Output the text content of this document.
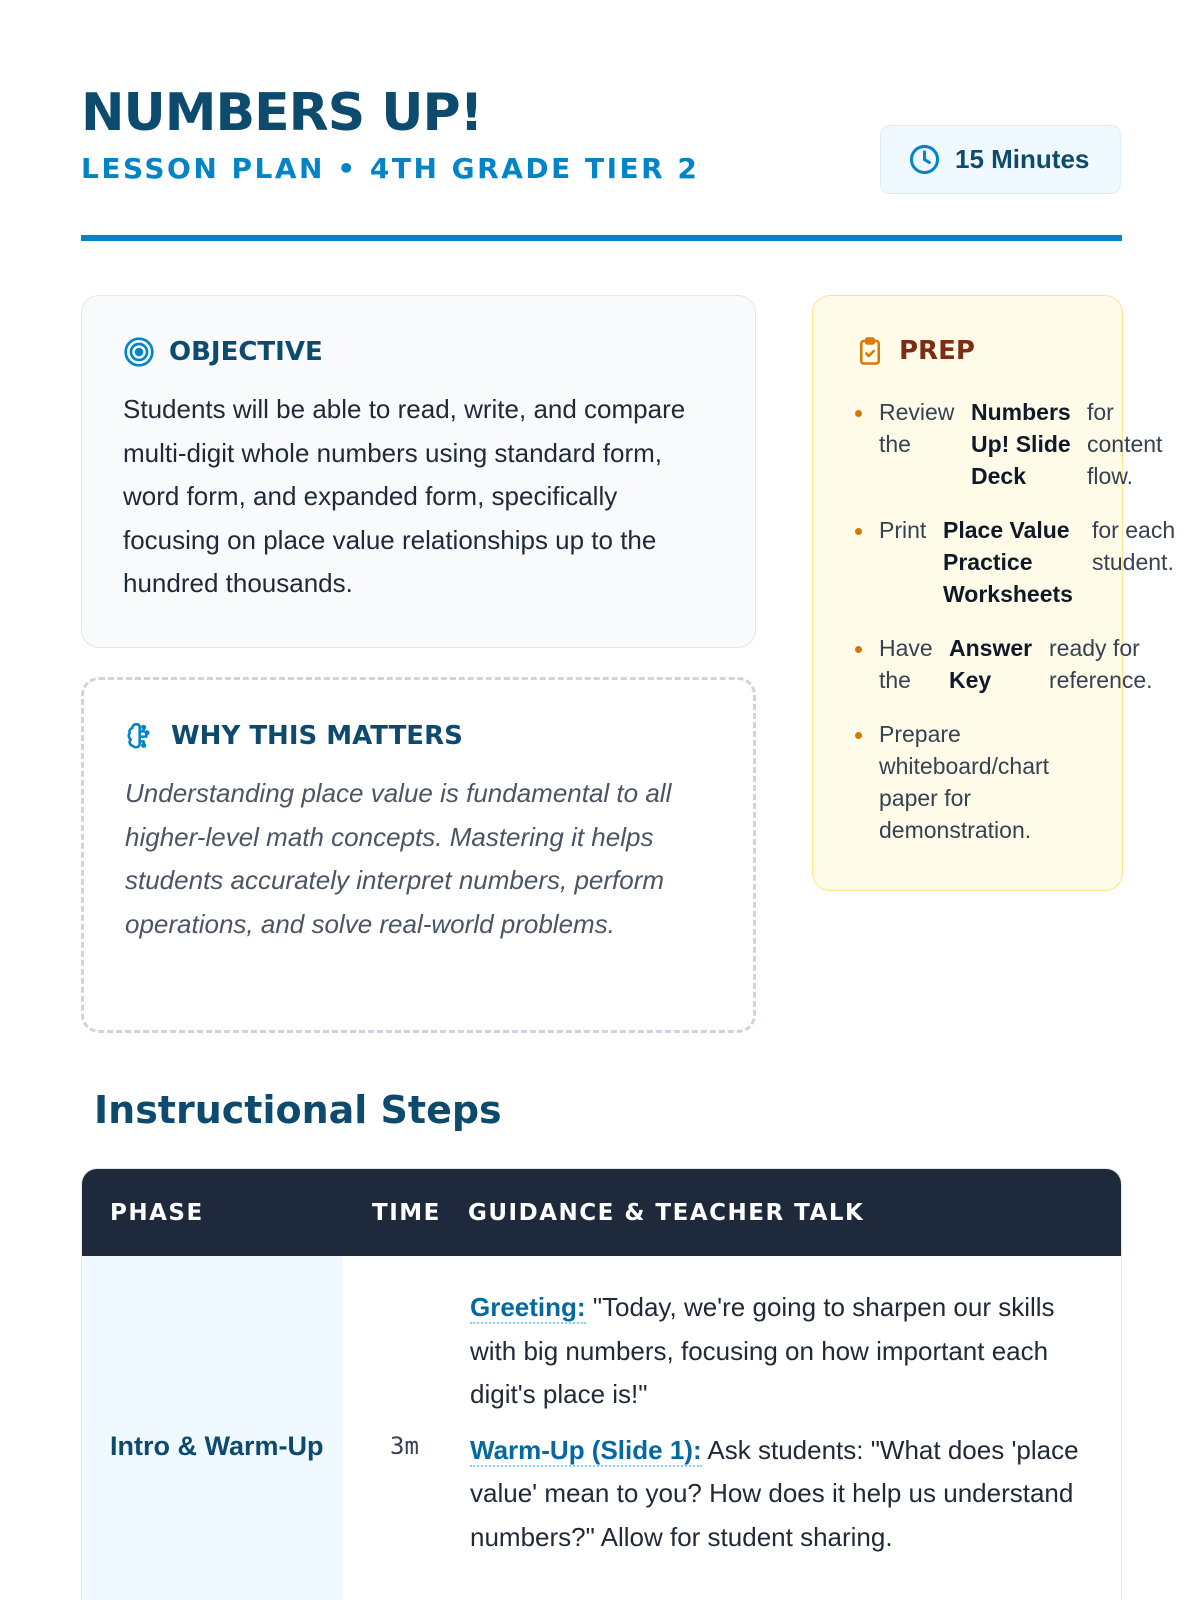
NUMBERS UP!
LESSON PLAN • 4TH GRADE TIER 2	15 Minutes
OBJECTIVE

Students will be able to read, write, and compare multi-digit whole numbers using standard form, word form, and expanded form, specifically focusing on place value relationships up to the hundred thousands.

WHY THIS MATTERS

Understanding place value is fundamental to all higher-level math concepts. Mastering it helps students accurately interpret numbers, perform operations, and solve real-world problems.

PREP
Review the
Numbers Up! Slide Deck
for content flow.
Print Place Value Practice Worksheets
for each student.
Have the
Answer Key
ready for reference.
Prepare whiteboard/chart paper for demonstration.
Instructional Steps
PHASE	TIME	GUIDANCE & TEACHER TALK
Intro & Warm-Up	3m

Greeting: "Today, we're going to sharpen our skills with big numbers, focusing on how important each digit's place is!"

Warm-Up (Slide 1): Ask students: "What does 'place value' mean to you? How does it help us understand numbers?" Allow for student sharing.
